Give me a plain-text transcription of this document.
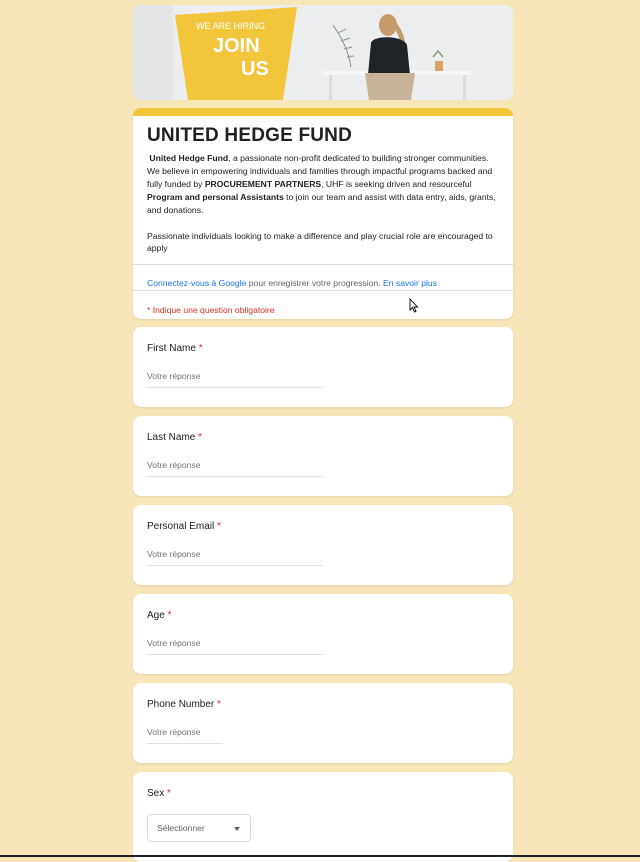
WE ARE HIRING
JOIN
US
UNITED HEDGE FUND

United Hedge Fund, a passionate non-profit dedicated to building stronger communities. We believe in empowering individuals and families through impactful programs backed and fully funded by PROCUREMENT PARTNERS, UHF is seeking driven and resourceful Program and personal Assistants to join our team and assist with data entry, aids, grants, and donations.

Passionate individuals looking to make a difference and play crucial role are encouraged to apply

Connectez-vous à Google pour enregistrer votre progression. En savoir plus
* Indique une question obligatoire
First Name *
Votre réponse
Last Name *
Votre réponse
Personal Email *
Votre réponse
Age *
Votre réponse
Phone Number *
Votre réponse
Sex *
Sélectionner
